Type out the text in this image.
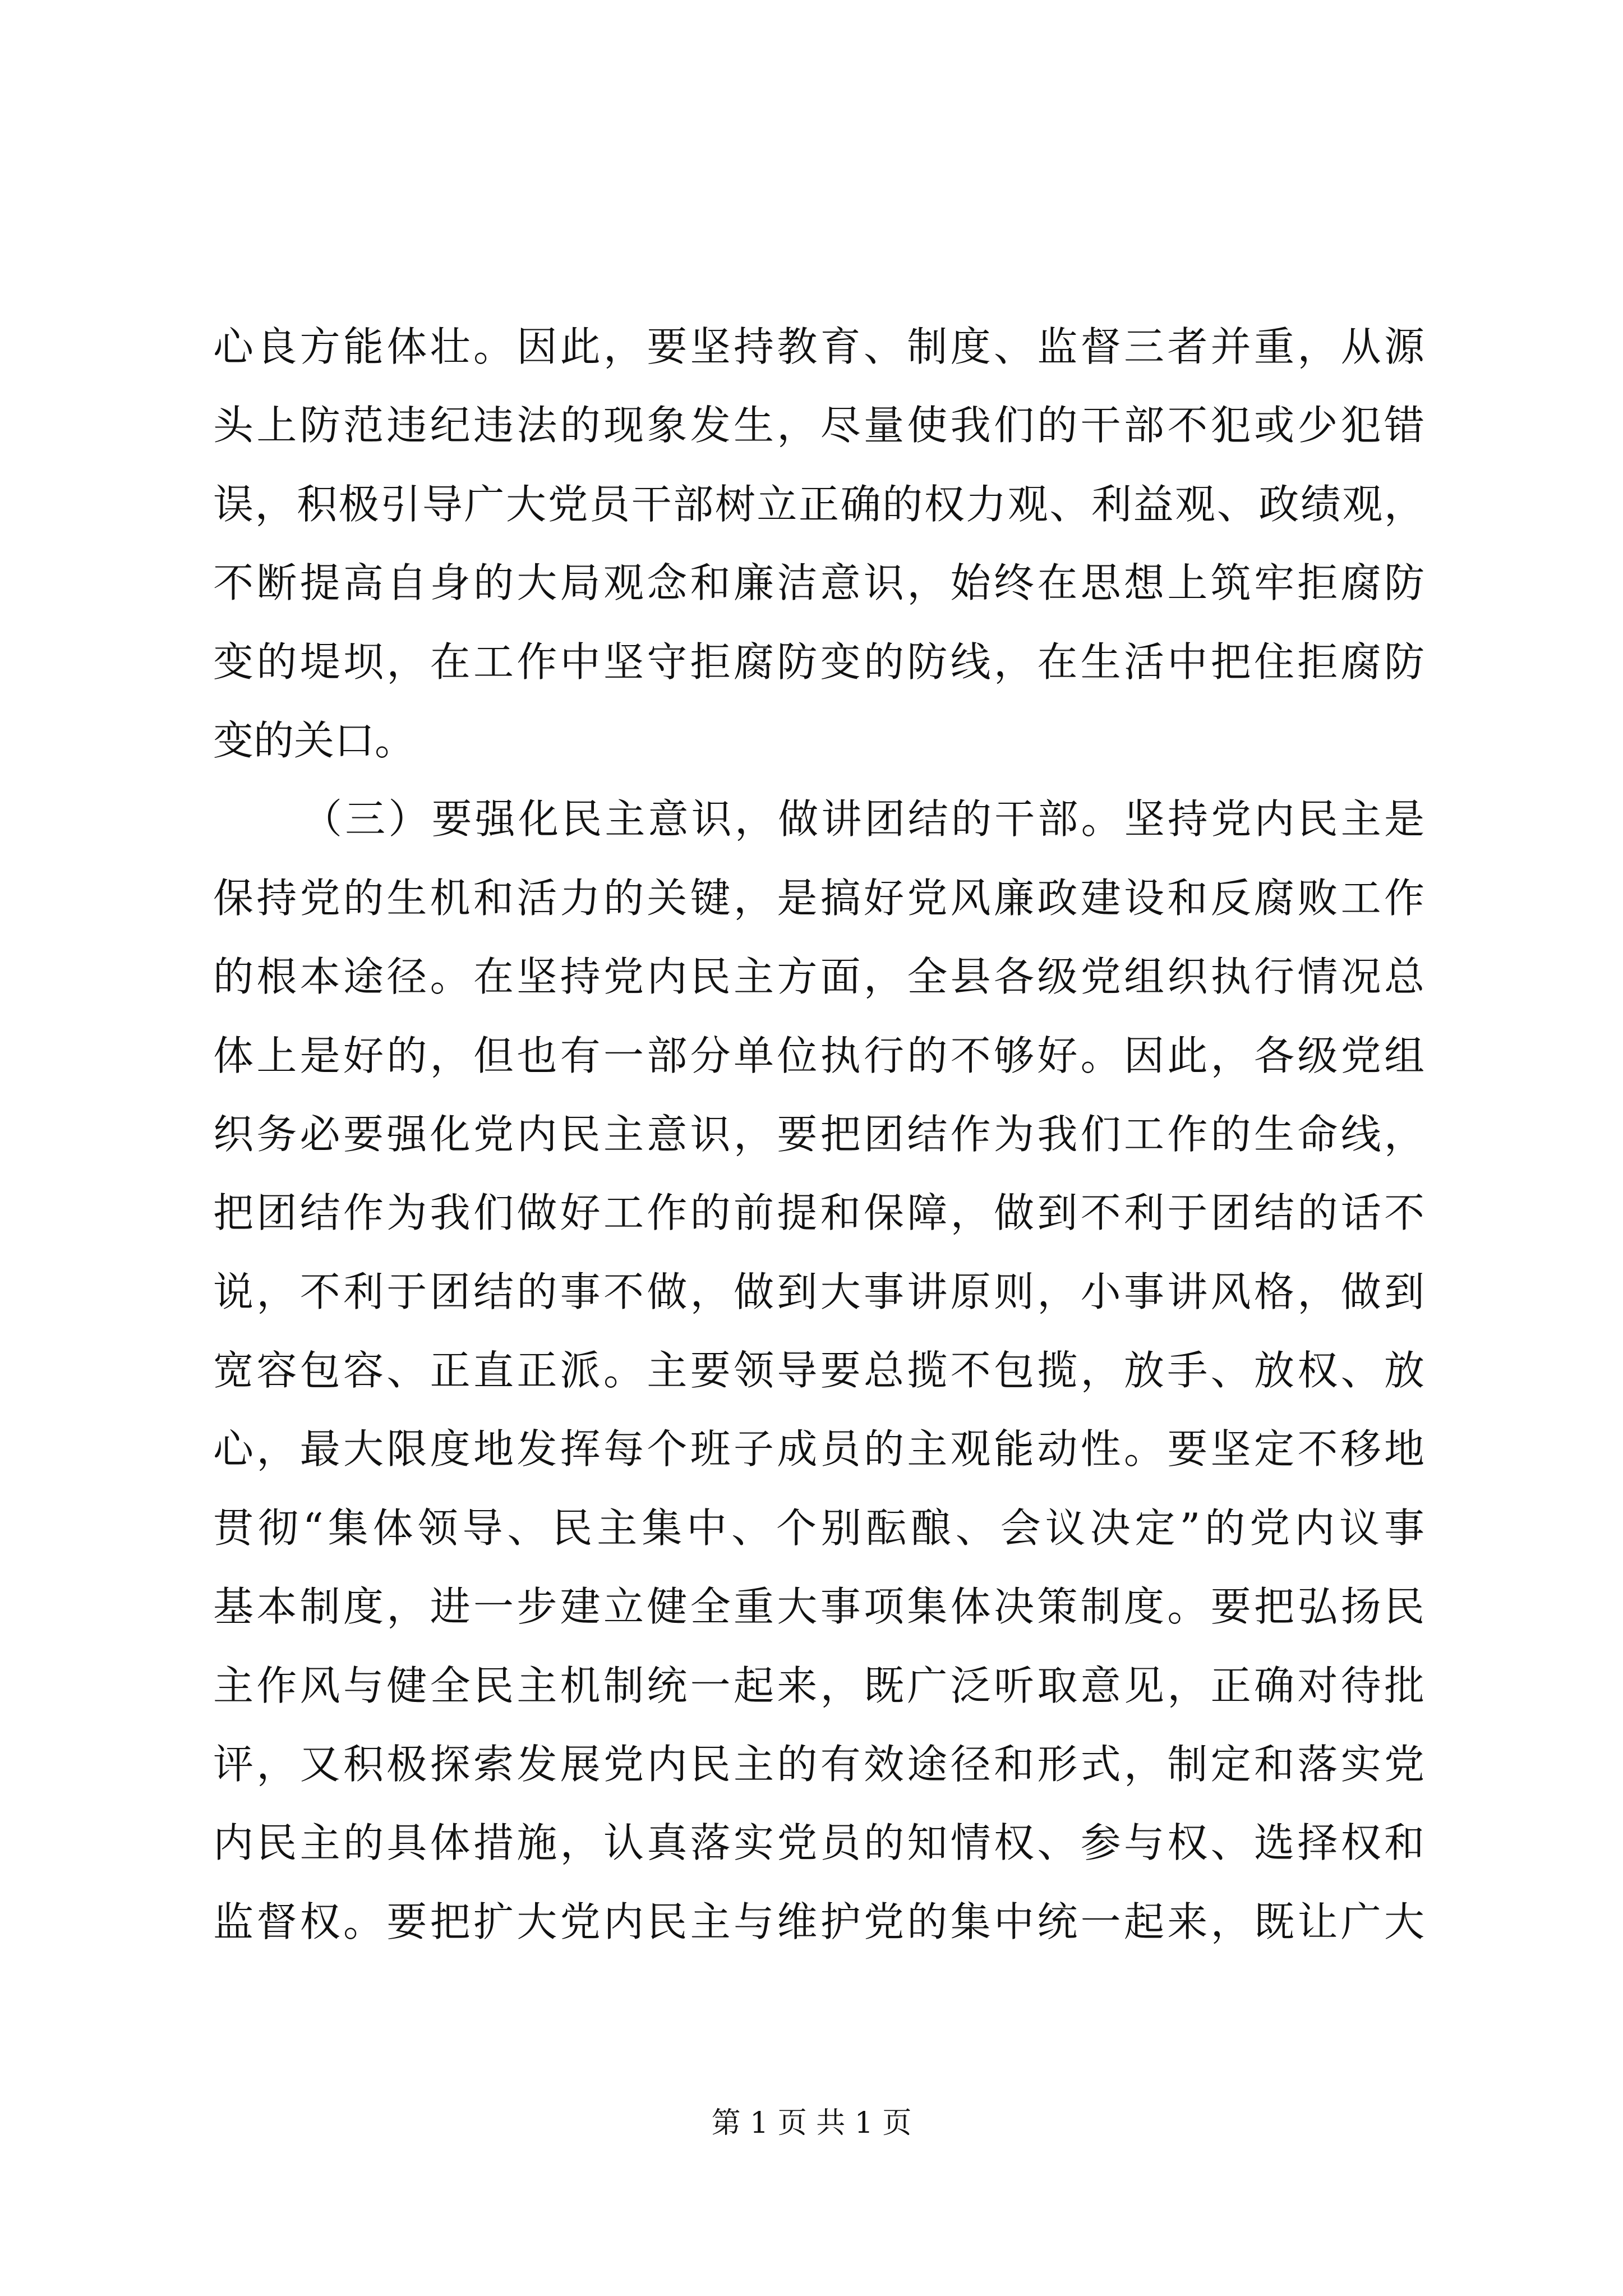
心良方能体壮。因此，要坚持教育、制度、监督三者并重，从源
头上防范违纪违法的现象发生，尽量使我们的干部不犯或少犯错
误，积极引导广大党员干部树立正确的权力观、利益观、政绩观，
不断提高自身的大局观念和廉洁意识，始终在思想上筑牢拒腐防
变的堤坝，在工作中坚守拒腐防变的防线，在生活中把住拒腐防
变的关口。
（三）要强化民主意识，做讲团结的干部。坚持党内民主是
保持党的生机和活力的关键，是搞好党风廉政建设和反腐败工作
的根本途径。在坚持党内民主方面，全县各级党组织执行情况总
体上是好的，但也有一部分单位执行的不够好。因此，各级党组
织务必要强化党内民主意识，要把团结作为我们工作的生命线，
把团结作为我们做好工作的前提和保障，做到不利于团结的话不
说，不利于团结的事不做，做到大事讲原则，小事讲风格，做到
宽容包容、正直正派。主要领导要总揽不包揽，放手、放权、放
心，最大限度地发挥每个班子成员的主观能动性。要坚定不移地
贯彻“集体领导、民主集中、个别酝酿、会议决定”的党内议事
基本制度，进一步建立健全重大事项集体决策制度。要把弘扬民
主作风与健全民主机制统一起来，既广泛听取意见，正确对待批
评，又积极探索发展党内民主的有效途径和形式，制定和落实党
内民主的具体措施，认真落实党员的知情权、参与权、选择权和
监督权。要把扩大党内民主与维护党的集中统一起来，既让广大
第 1 页 共 1 页
